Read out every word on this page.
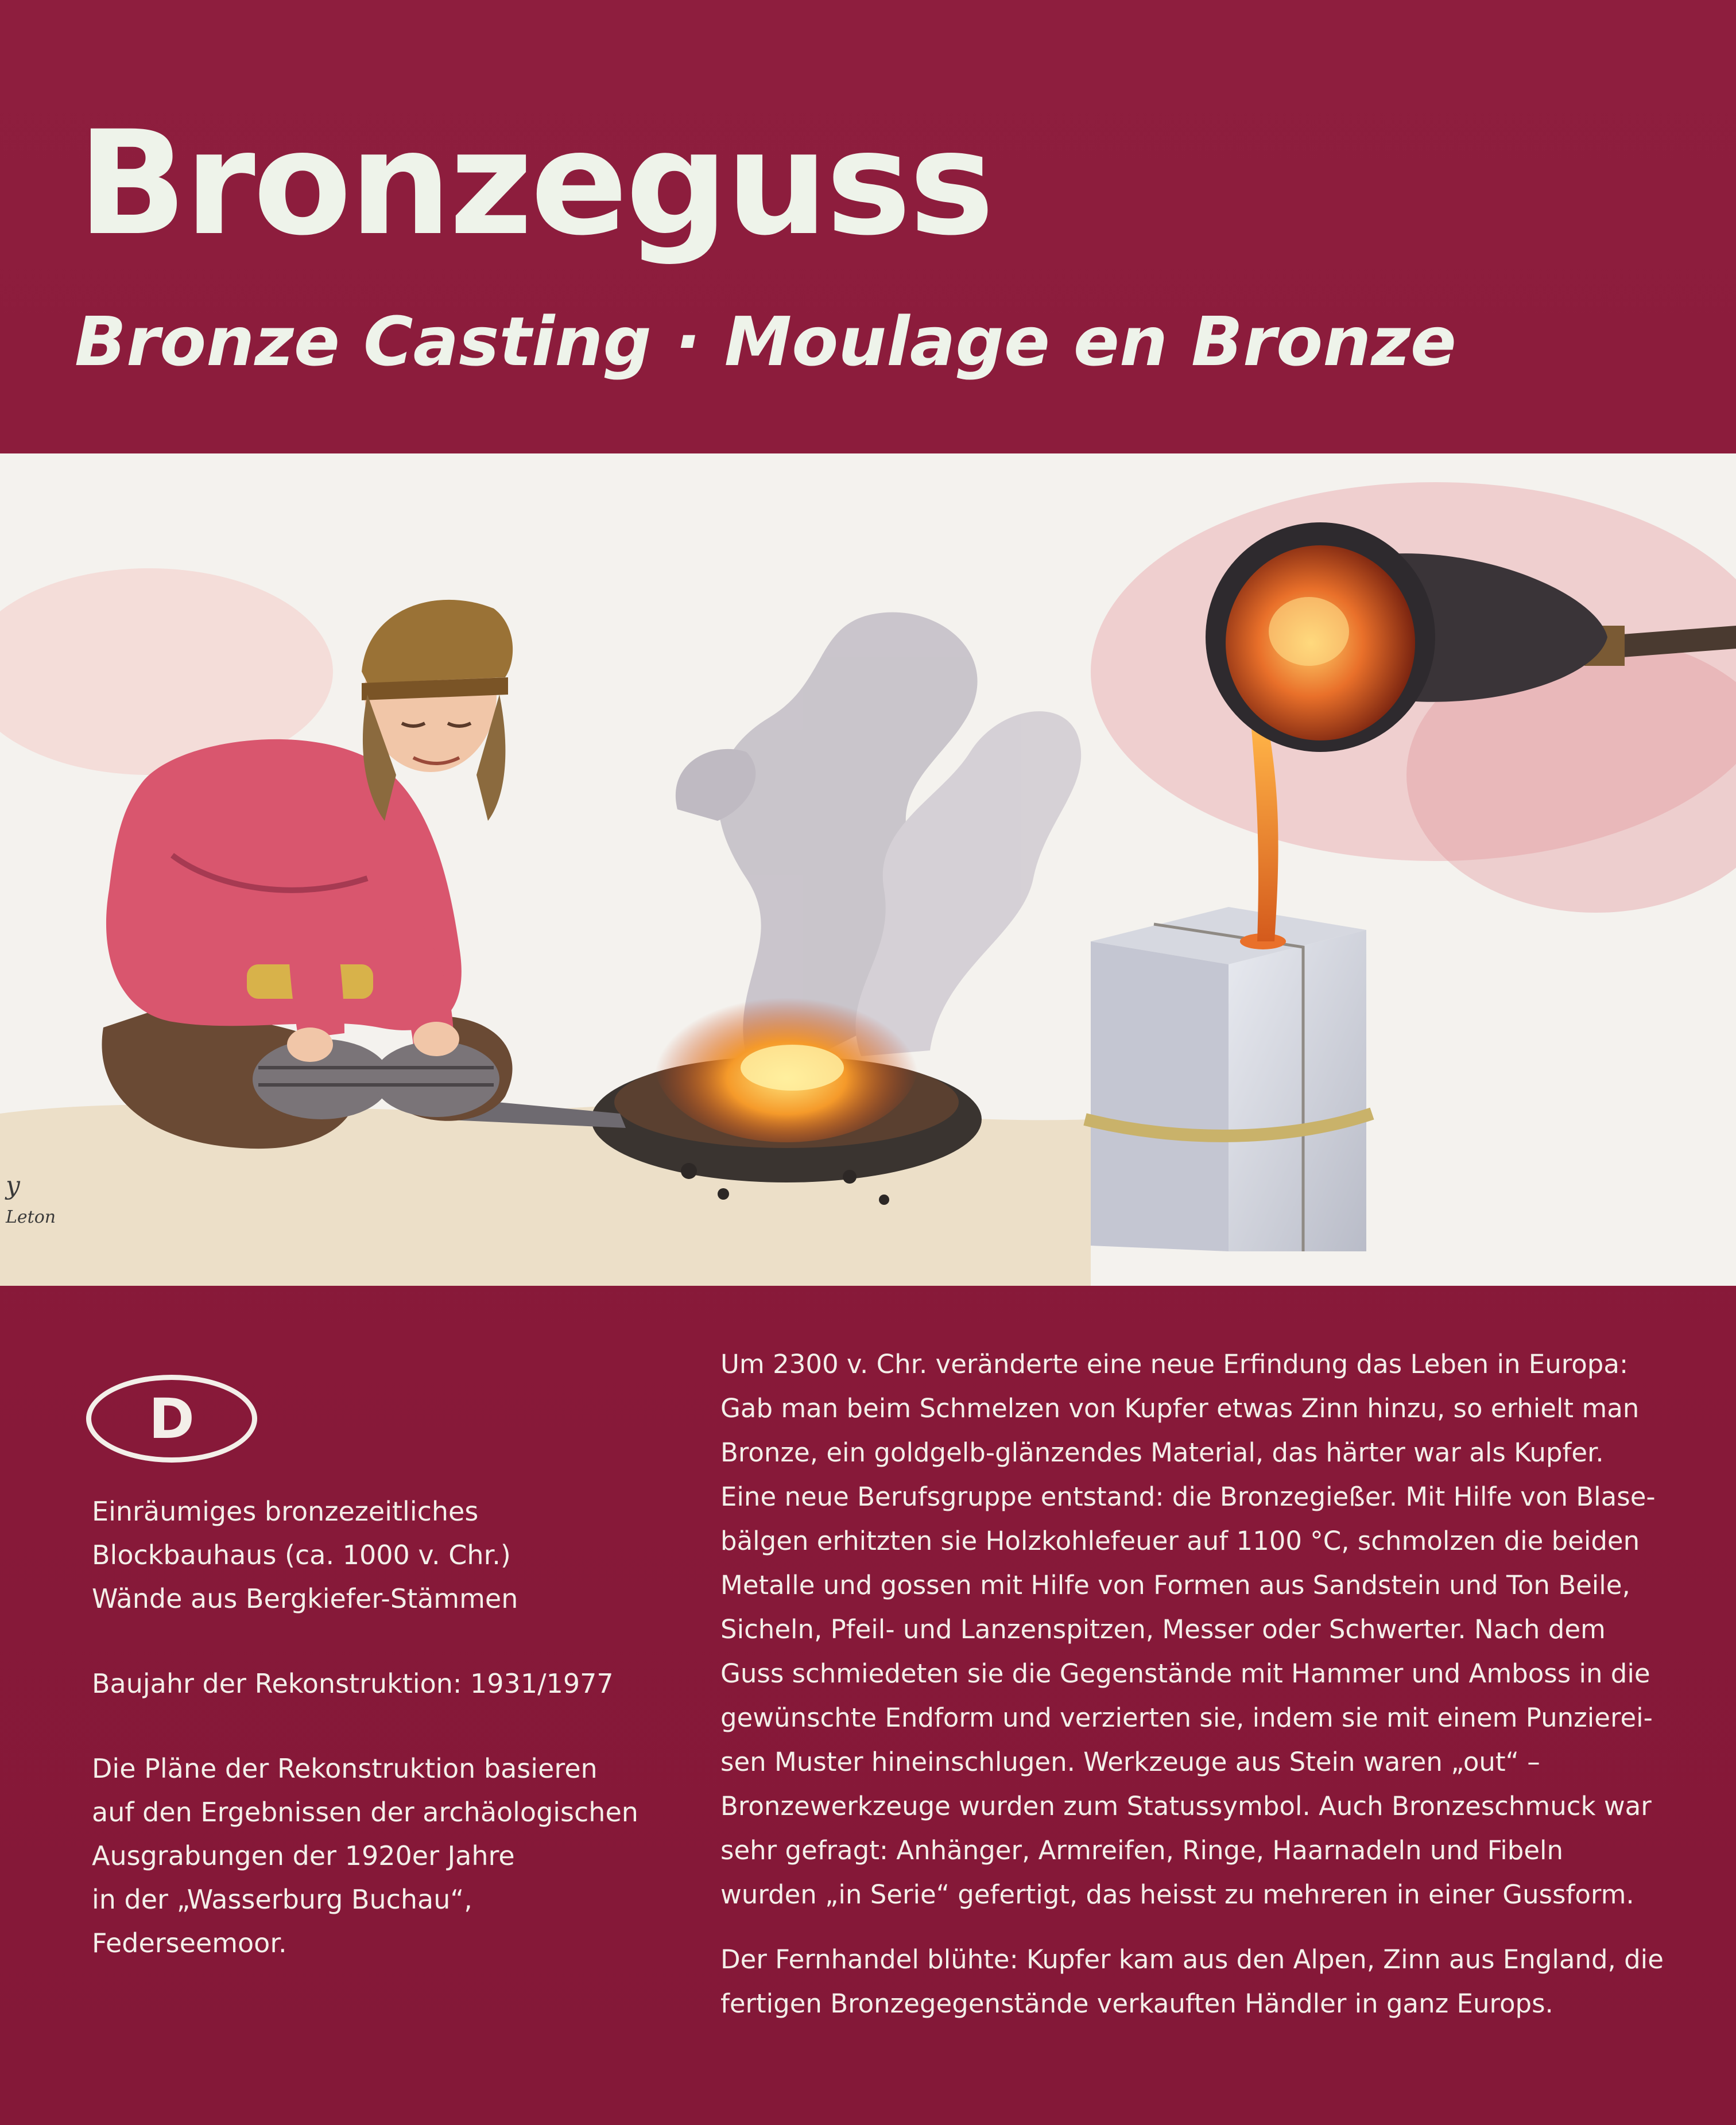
Bronzeguss
Bronze Casting · Moulage en Bronze
y
Leton
D

Einräumiges bronzezeitliches
Blockbauhaus (ca. 1000 v. Chr.)
Wände aus Bergkiefer-Stämmen

Baujahr der Rekonstruktion: 1931/1977

Die Pläne der Rekonstruktion basieren
auf den Ergebnissen der archäologischen
Ausgrabungen der 1920er Jahre
in der „Wasserburg Buchau“,
Federseemoor.

Um 2300 v. Chr. veränderte eine neue Erfindung das Leben in Europa:
Gab man beim Schmelzen von Kupfer etwas Zinn hinzu, so erhielt man
Bronze, ein goldgelb-glänzendes Material, das härter war als Kupfer.
Eine neue Berufsgruppe entstand: die Bronzegießer. Mit Hilfe von Blase-
bälgen erhitzten sie Holzkohlefeuer auf 1100 °C, schmolzen die beiden
Metalle und gossen mit Hilfe von Formen aus Sandstein und Ton Beile,
Sicheln, Pfeil- und Lanzenspitzen, Messer oder Schwerter. Nach dem
Guss schmiedeten sie die Gegenstände mit Hammer und Amboss in die
gewünschte Endform und verzierten sie, indem sie mit einem Punzierei-
sen Muster hineinschlugen. Werkzeuge aus Stein waren „out“ –
Bronzewerkzeuge wurden zum Statussymbol. Auch Bronzeschmuck war
sehr gefragt: Anhänger, Armreifen, Ringe, Haarnadeln und Fibeln
wurden „in Serie“ gefertigt, das heisst zu mehreren in einer Gussform.

Der Fernhandel blühte: Kupfer kam aus den Alpen, Zinn aus England, die
fertigen Bronzegegenstände verkauften Händler in ganz Europs.
